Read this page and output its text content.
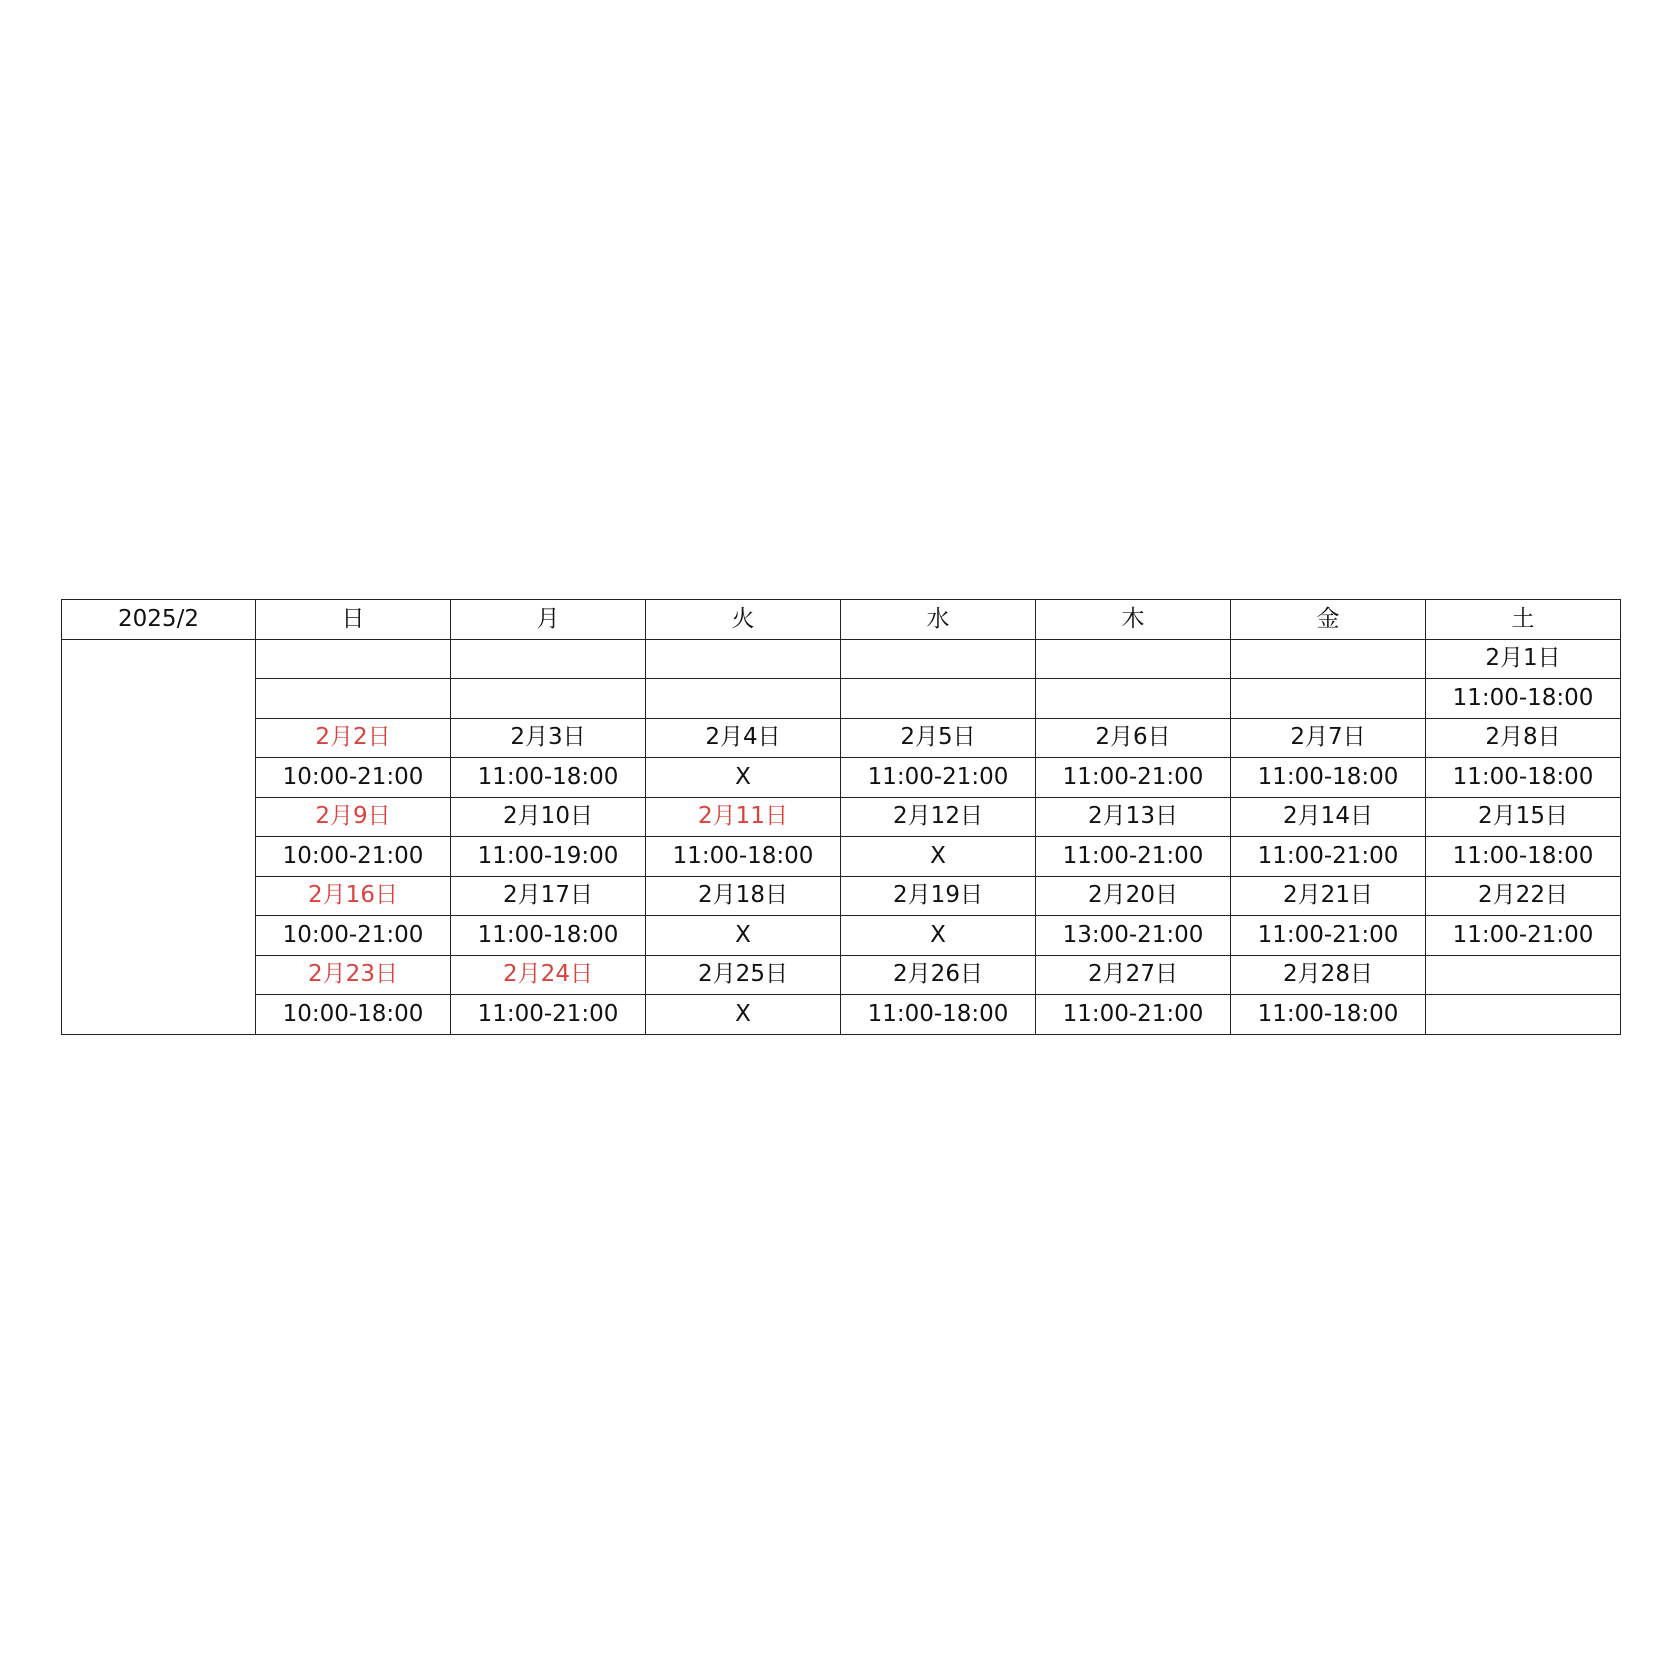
2025/2	日	月	火	水	木	金	土
							2月1日
							11:00-18:00
	2月2日	2月3日	2月4日	2月5日	2月6日	2月7日	2月8日
	10:00-21:00	11:00-18:00	X	11:00-21:00	11:00-21:00	11:00-18:00	11:00-18:00
	2月9日	2月10日	2月11日	2月12日	2月13日	2月14日	2月15日
	10:00-21:00	11:00-19:00	11:00-18:00	X	11:00-21:00	11:00-21:00	11:00-18:00
	2月16日	2月17日	2月18日	2月19日	2月20日	2月21日	2月22日
	10:00-21:00	11:00-18:00	X	X	13:00-21:00	11:00-21:00	11:00-21:00
	2月23日	2月24日	2月25日	2月26日	2月27日	2月28日	
	10:00-18:00	11:00-21:00	X	11:00-18:00	11:00-21:00	11:00-18:00	
